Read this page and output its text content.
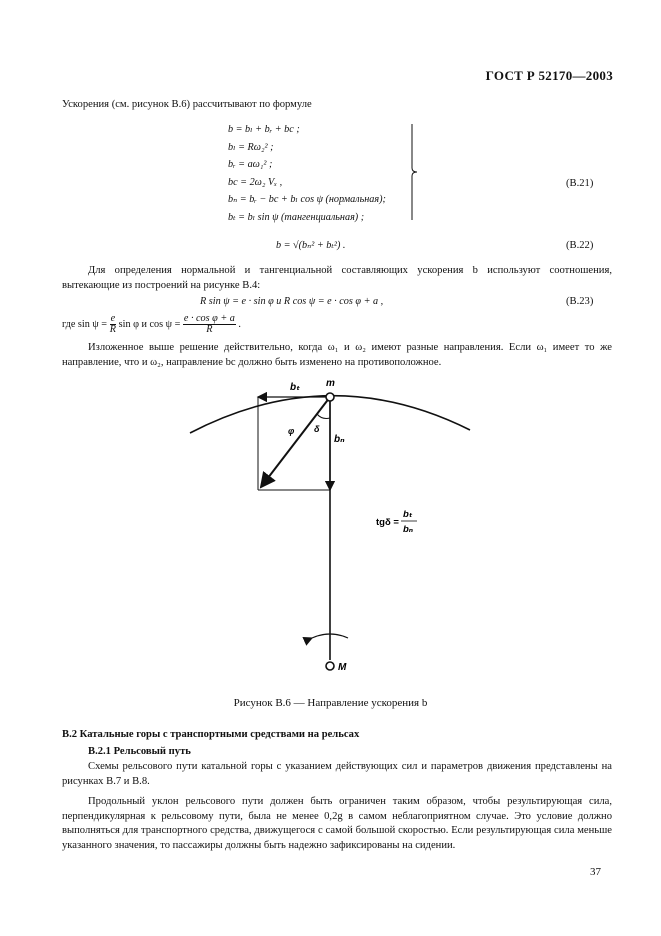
ГОСТ Р 52170—2003
Ускорения (см. рисунок В.6) рассчитывают по формуле
b = bₗ + bᵣ + bc ;
bₗ = Rω₂² ;
bᵣ = aω₁² ;
bc = 2ω₂ Vₓ ,
bₙ = bᵣ − bc + bₗ cos ψ (нормальная);
bₜ = bₗ sin ψ (тангенциальная) ;
(В.21)
b = √(bₙ² + bₜ²) .	(В.22)
Для определения нормальной и тангенциальной составляющих ускорения b используют соотношения, вытекающие из построений на рисунке В.4:
R sin ψ = e · sin φ и R cos ψ = e · cos φ + a ,	(В.23)
где $\sin \psi = \frac{e}{R}$ sin φ и $\cos \psi = \frac{\text{e · cos φ + a}}{R}$ .
Изложенное выше решение действительно, когда ω₁ и ω₂ имеют разные направления. Если ω₁ имеет то же направление, что и ω₂, направление bc должно быть изменено на противоположное.
bₜ	m
bₙ
φ δ
M
tgδ =
bₜ
bₙ
Рисунок В.6 — Направление ускорения b
В.2 Катальные горы с транспортными средствами на рельсах
В.2.1 Рельсовый путь
Схемы рельсового пути катальной горы с указанием действующих сил и параметров движения представлены на рисунках В.7 и В.8.
Продольный уклон рельсового пути должен быть ограничен таким образом, чтобы результирующая сила, перпендикулярная к рельсовому пути, была не менее 0,2g в самом неблагоприятном случае. Это условие должно выполняться для транспортного средства, движущегося с самой большой скоростью. Если результирующая сила меньше указанного значения, то пассажиры должны быть надежно зафиксированы на сидении.
37
